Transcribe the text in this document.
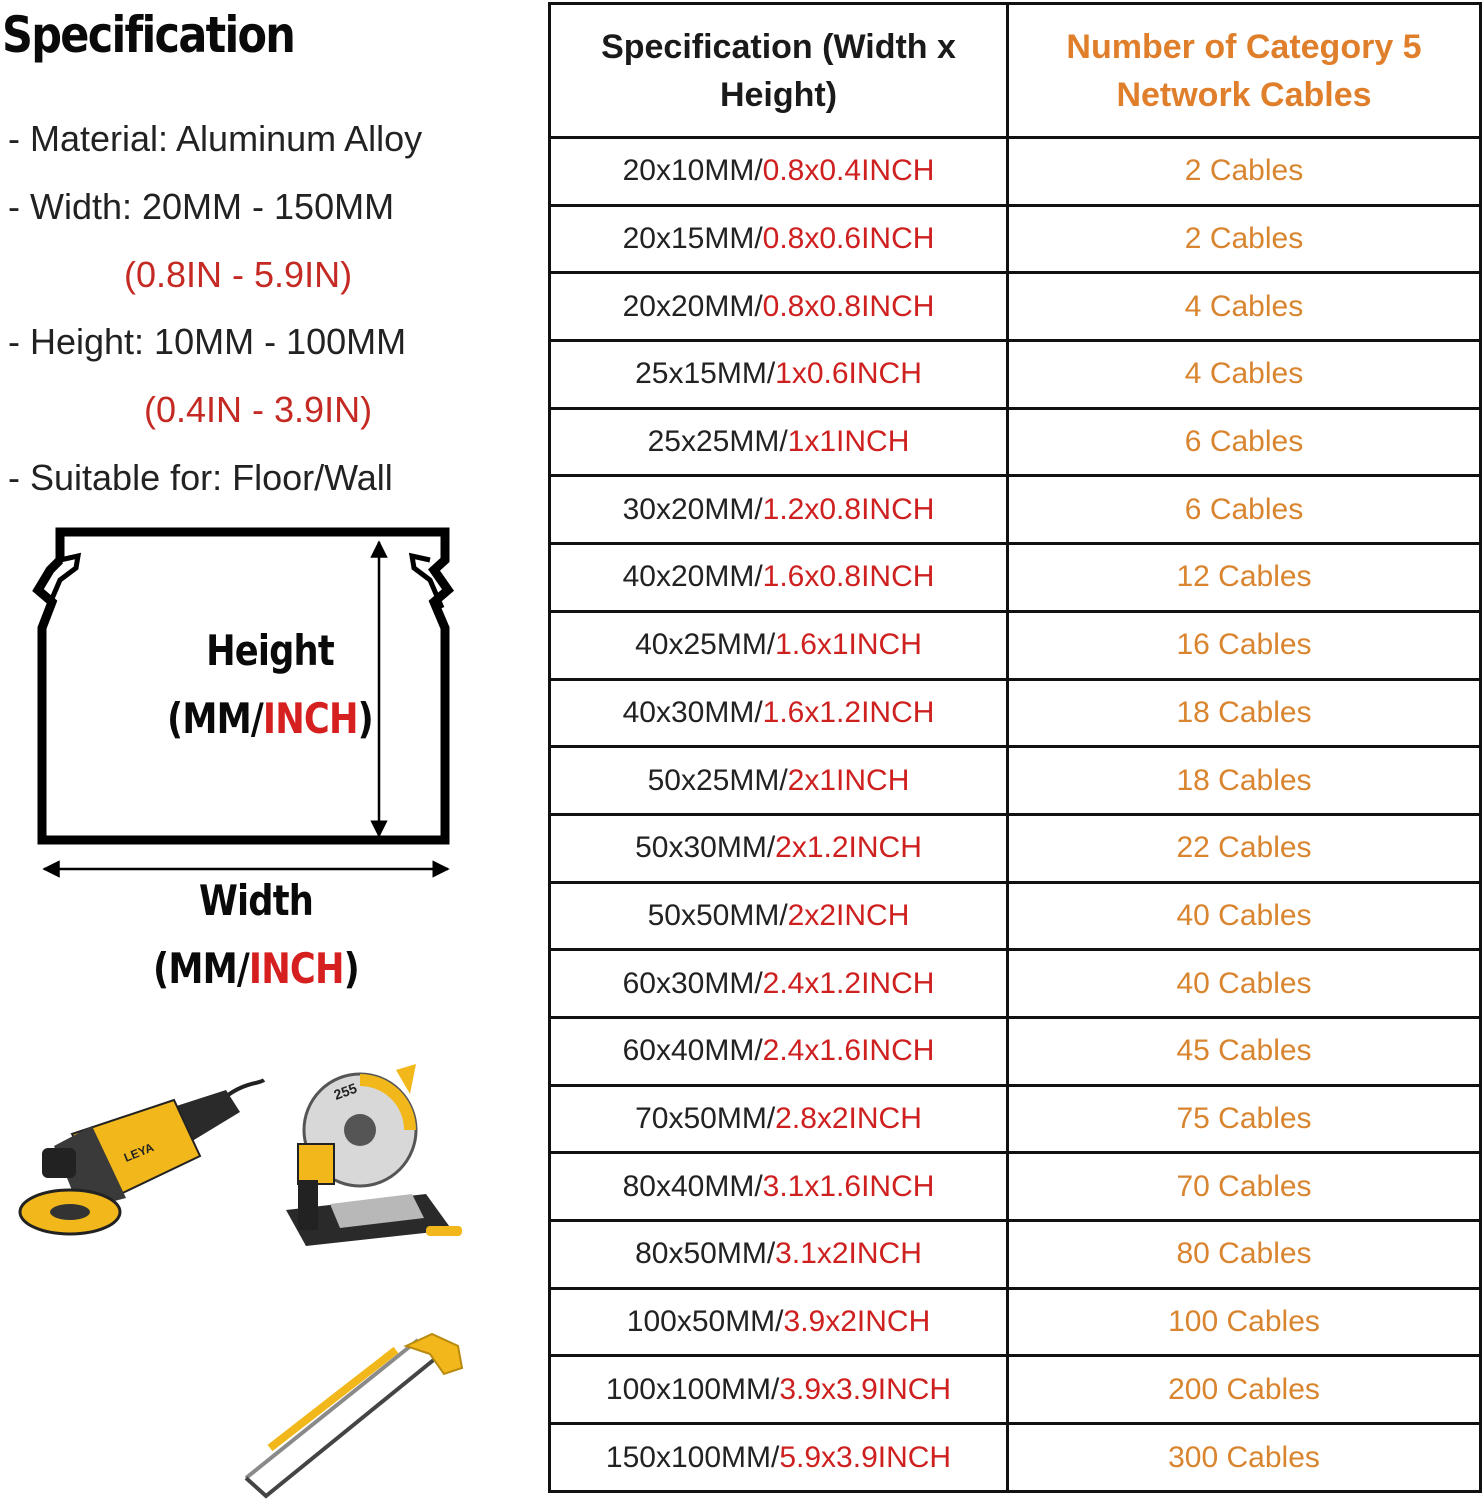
Specification
- Material: Aluminum Alloy
- Width: 20MM - 150MM
(0.8IN - 5.9IN)
- Height: 10MM - 100MM
(0.4IN - 3.9IN)
- Suitable for: Floor/Wall
Height
(MM/INCH)
Width
(MM/INCH)
LEYA
255
Specification (Width x Height)	Number of Category 5 Network Cables
20x10MM/0.8x0.4INCH	2 Cables
20x15MM/0.8x0.6INCH	2 Cables
20x20MM/0.8x0.8INCH	4 Cables
25x15MM/1x0.6INCH	4 Cables
25x25MM/1x1INCH	6 Cables
30x20MM/1.2x0.8INCH	6 Cables
40x20MM/1.6x0.8INCH	12 Cables
40x25MM/1.6x1INCH	16 Cables
40x30MM/1.6x1.2INCH	18 Cables
50x25MM/2x1INCH	18 Cables
50x30MM/2x1.2INCH	22 Cables
50x50MM/2x2INCH	40 Cables
60x30MM/2.4x1.2INCH	40 Cables
60x40MM/2.4x1.6INCH	45 Cables
70x50MM/2.8x2INCH	75 Cables
80x40MM/3.1x1.6INCH	70 Cables
80x50MM/3.1x2INCH	80 Cables
100x50MM/3.9x2INCH	100 Cables
100x100MM/3.9x3.9INCH	200 Cables
150x100MM/5.9x3.9INCH	300 Cables
